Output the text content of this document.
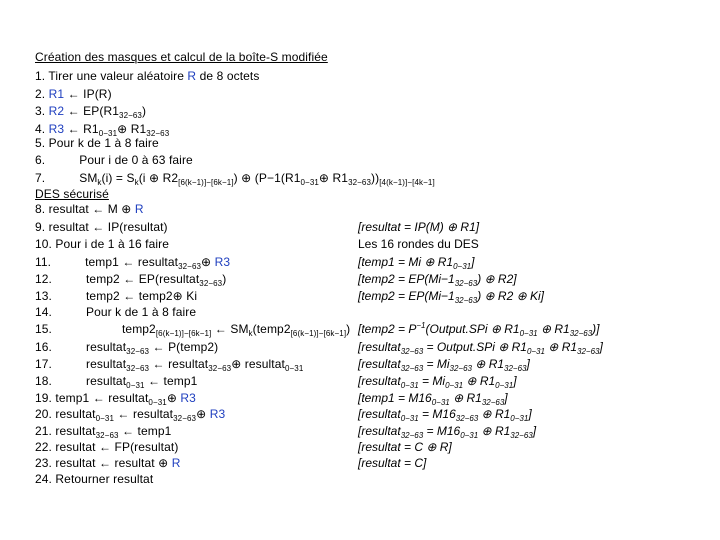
Création des masques et calcul de la boîte-S modifiée
1. Tirer une valeur aléatoire R de 8 octets
2. R1 ← IP(R)
3. R2 ← $EP(R1_{32-63})$
4. R3 ← $R1_{0-31}\oplus$ $R1_{32-63}$
5. Pour k de 1 à 8 faire
6.	Pour i de 0 à 63 faire
7.	$SM_k(i) = S_k(i$ ⊕ $R2_{[6(k-1)]-[6k-1]}$) ⊕ ($P-1(R1_{0-31}\oplus$ $R1_{32-63}))_{[4(k-1)]-[4k-1]}$
DES sécurisé
8. resultat ← M ⊕ R
9. resultat ← IP(resultat)	[resultat = IP(M) ⊕ R1]
10. Pour i de 1 à 16 faire	Les 16 rondes du DES
11.	temp1 ← resultat$_{32-63}$⊕ R3	[temp1 = Mi ⊕ $R1_{0-31}$]
12.	temp2 ← EP(resultat$_{32-63}$)	[temp2 = $EP(Mi-1_{32-63})$ ⊕ R2]
13.	temp2 ← temp2⊕ Ki	[temp2 = $EP(Mi-1_{32-63})$ ⊕ R2 ⊕ Ki]
14.	Pour k de 1 à 8 faire
15.	$temp2_{[6(k-1)]-[6k-1]}$ ← $SM_k(temp2_{[6(k-1)]-[6k-1]})$ [temp2 = $P^{-1}(Output.SPi$ ⊕ $R1_{0-31}$ ⊕ $R1_{32-63}$)]
16.	resultat$_{32-63}$ ← P(temp2)	[resultat$_{32-63}$ = Output.SPi ⊕ $R1_{0-31}$ ⊕ $R1_{32-63}$]
17.	resultat$_{32-63}$ ← resultat$_{32-63}$⊕ resultat$_{0-31}$	[resultat$_{32-63}$ = $Mi_{32-63}$ ⊕ $R1_{32-63}$]
18.	resultat$_{0-31}$ ← temp1	[resultat$_{0-31}$ = $Mi_{0-31}$ ⊕ $R1_{0-31}$]
19. temp1 ← resultat$_{0-31}$⊕ R3	[temp1 = $M16_{0-31}$ ⊕ $R1_{32-63}$]
20. resultat$_{0-31}$ ← resultat$_{32-63}$⊕ R3	[resultat$_{0-31}$ = $M16_{32-63}$ ⊕ $R1_{0-31}$]
21. resultat$_{32-63}$ ← temp1	[resultat$_{32-63}$ = $M16_{0-31}$ ⊕ $R1_{32-63}$]
22. resultat ← FP(resultat)	[resultat = C ⊕ R]
23. resultat ← resultat ⊕ R	[resultat = C]
24. Retourner resultat
